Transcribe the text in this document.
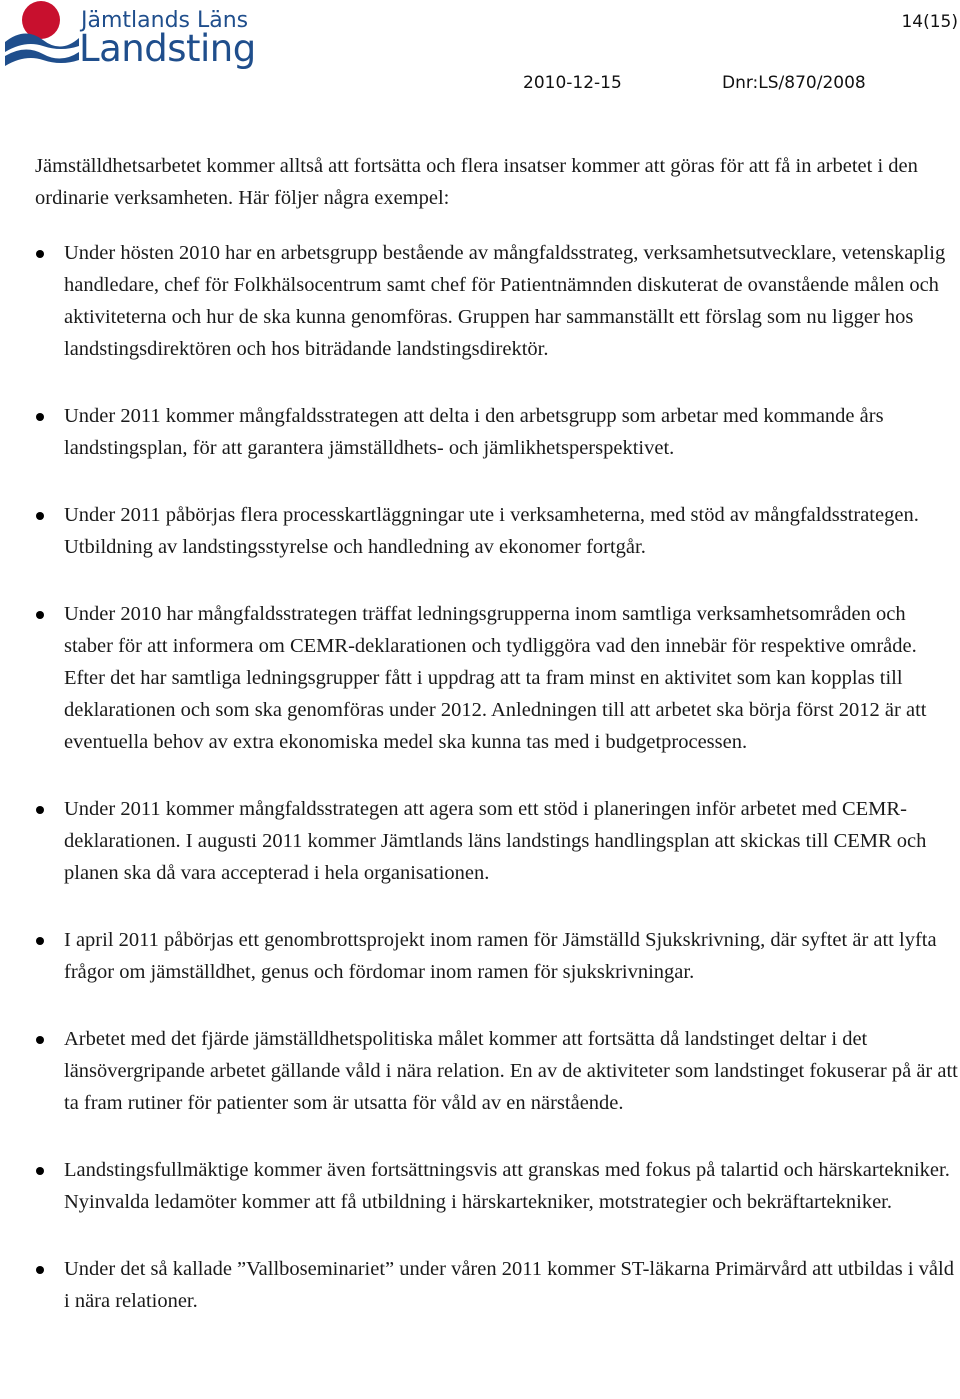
Jämtlands Läns
Landsting
14(15)
2010-12-15	Dnr:LS/870/2008

Jämställdhetsarbetet kommer alltså att fortsätta och flera insatser kommer att göras för att få in arbetet i den ordinarie verksamheten. Här följer några exempel:

Under hösten 2010 har en arbetsgrupp bestående av mångfaldsstrateg, verksamhetsutvecklare, vetenskaplig handledare, chef för Folkhälsocentrum samt chef för Patientnämnden diskuterat de ovanstående målen och aktiviteterna och hur de ska kunna genomföras. Gruppen har sammanställt ett förslag som nu ligger hos landstingsdirektören och hos biträdande landstingsdirektör.
Under 2011 kommer mångfaldsstrategen att delta i den arbetsgrupp som arbetar med kommande års landstingsplan, för att garantera jämställdhets- och jämlikhetsperspektivet.
Under 2011 påbörjas flera processkartläggningar ute i verksamheterna, med stöd av mångfaldsstrategen. Utbildning av landstingsstyrelse och handledning av ekonomer fortgår.
Under 2010 har mångfaldsstrategen träffat ledningsgrupperna inom samtliga verksamhetsområden och staber för att informera om CEMR-deklarationen och tydliggöra vad den innebär för respektive område. Efter det har samtliga ledningsgrupper fått i uppdrag att ta fram minst en aktivitet som kan kopplas till deklarationen och som ska genomföras under 2012. Anledningen till att arbetet ska börja först 2012 är att eventuella behov av extra ekonomiska medel ska kunna tas med i budgetprocessen.
Under 2011 kommer mångfaldsstrategen att agera som ett stöd i planeringen inför arbetet med CEMR-deklarationen. I augusti 2011 kommer Jämtlands läns landstings handlingsplan att skickas till CEMR och planen ska då vara accepterad i hela organisationen.
I april 2011 påbörjas ett genombrottsprojekt inom ramen för Jämställd Sjukskrivning, där syftet är att lyfta frågor om jämställdhet, genus och fördomar inom ramen för sjukskrivningar.
Arbetet med det fjärde jämställdhetspolitiska målet kommer att fortsätta då landstinget deltar i det länsövergripande arbetet gällande våld i nära relation. En av de aktiviteter som landstinget fokuserar på är att ta fram rutiner för patienter som är utsatta för våld av en närstående.
Landstingsfullmäktige kommer även fortsättningsvis att granskas med fokus på talartid och härskartekniker. Nyinvalda ledamöter kommer att få utbildning i härskartekniker, motstrategier och bekräftartekniker.
Under det så kallade ”Vallboseminariet” under våren 2011 kommer ST-läkarna Primärvård att utbildas i våld i nära relationer.
